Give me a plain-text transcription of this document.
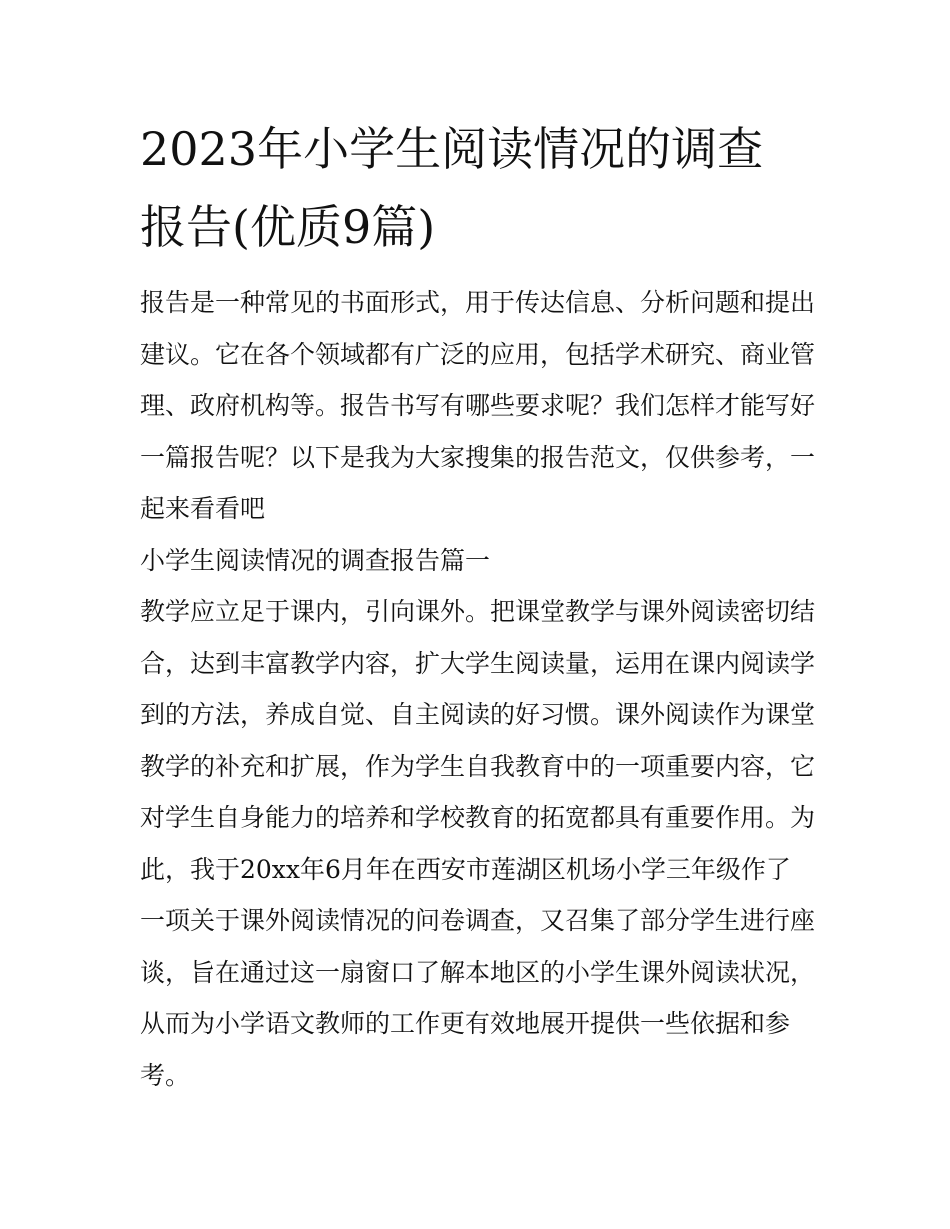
2023年小学生阅读情况的调查
报告(优质9篇)

报告是一种常见的书面形式，用于传达信息、分析问题和提出
建议。它在各个领域都有广泛的应用，包括学术研究、商业管
理、政府机构等。报告书写有哪些要求呢？我们怎样才能写好
一篇报告呢？以下是我为大家搜集的报告范文，仅供参考，一
起来看看吧

小学生阅读情况的调查报告篇一

教学应立足于课内，引向课外。把课堂教学与课外阅读密切结
合，达到丰富教学内容，扩大学生阅读量，运用在课内阅读学
到的方法，养成自觉、自主阅读的好习惯。课外阅读作为课堂
教学的补充和扩展，作为学生自我教育中的一项重要内容，它
对学生自身能力的培养和学校教育的拓宽都具有重要作用。为
此，我于20xx年6月年在西安市莲湖区机场小学三年级作了
一项关于课外阅读情况的问卷调查，又召集了部分学生进行座
谈，旨在通过这一扇窗口了解本地区的小学生课外阅读状况，
从而为小学语文教师的工作更有效地展开提供一些依据和参
考。
